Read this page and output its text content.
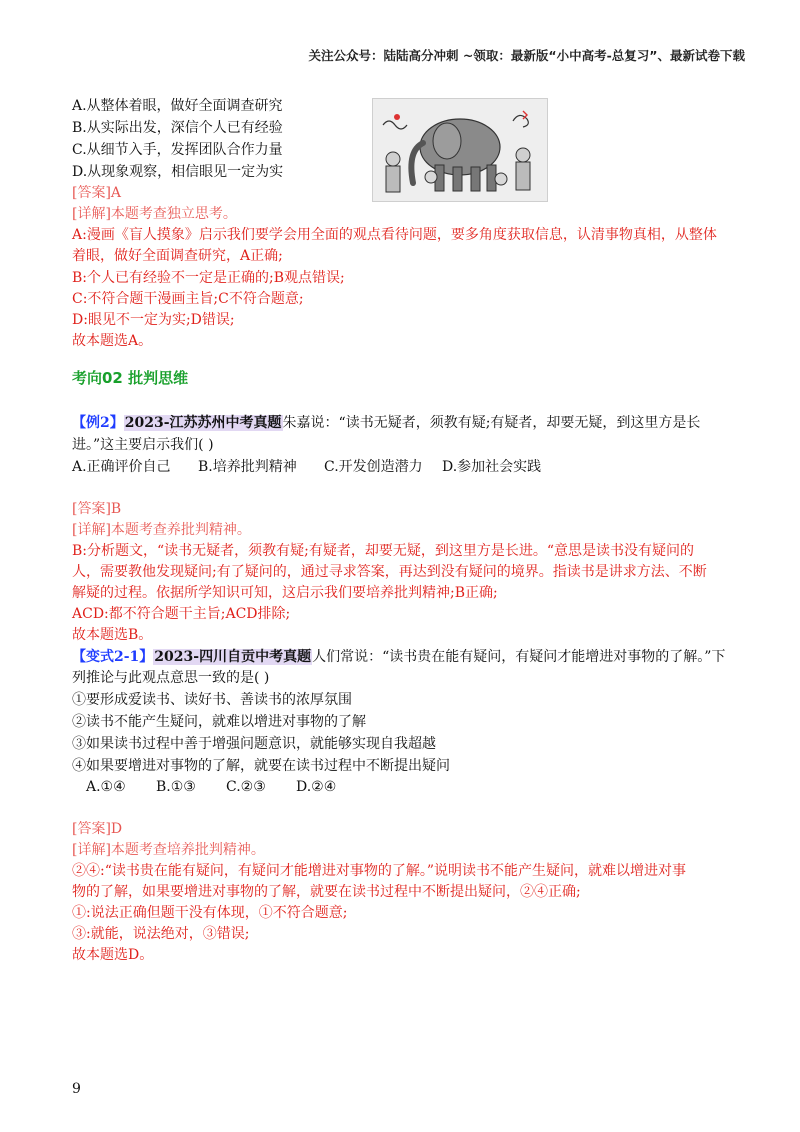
关注公众号：陆陆高分冲刺 ~领取：最新版“小中高考-总复习”、最新试卷下载
A.从整体着眼，做好全面调查研究
B.从实际出发，深信个人已有经验
C.从细节入手，发挥团队合作力量
D.从现象观察，相信眼见一定为实
[答案]A
[详解]本题考查独立思考。
A:漫画《盲人摸象》启示我们要学会用全面的观点看待问题，要多角度获取信息，认清事物真相，从整体
着眼，做好全面调查研究，A正确;
B:个人已有经验不一定是正确的;B观点错误;
C:不符合题干漫画主旨;C不符合题意;
D:眼见不一定为实;D错误;
故本题选A。
考向02 批判思维
【例2】2023-江苏苏州中考真题朱嘉说：“读书无疑者，须教有疑;有疑者，却要无疑，到这里方是长
进。”这主要启示我们( )
A.正确评价自己 B.培养批判精神 C.开发创造潜力 D.参加社会实践
[答案]B
[详解]本题考查养批判精神。
B:分析题文，“读书无疑者，须教有疑;有疑者，却要无疑，到这里方是长进。“意思是读书没有疑问的
人，需要教他发现疑问;有了疑问的，通过寻求答案，再达到没有疑问的境界。指读书是讲求方法、不断
解疑的过程。依据所学知识可知，这启示我们要培养批判精神;B正确;
ACD:都不符合题干主旨;ACD排除;
故本题选B。
【变式2-1】2023-四川自贡中考真题人们常说：“读书贵在能有疑问，有疑问才能增进对事物的了解。”下
列推论与此观点意思一致的是( )
①要形成爱读书、读好书、善读书的浓厚氛围
②读书不能产生疑问，就难以增进对事物的了解
③如果读书过程中善于增强问题意识，就能够实现自我超越
④如果要增进对事物的了解，就要在读书过程中不断提出疑问
A.①④ B.①③ C.②③ D.②④
[答案]D
[详解]本题考查培养批判精神。
②④:“读书贵在能有疑问，有疑问才能增进对事物的了解。”说明读书不能产生疑问，就难以增进对事
物的了解，如果要增进对事物的了解，就要在读书过程中不断提出疑问，②④正确;
①:说法正确但题干没有体现，①不符合题意;
③:就能，说法绝对，③错误;
故本题选D。
9
